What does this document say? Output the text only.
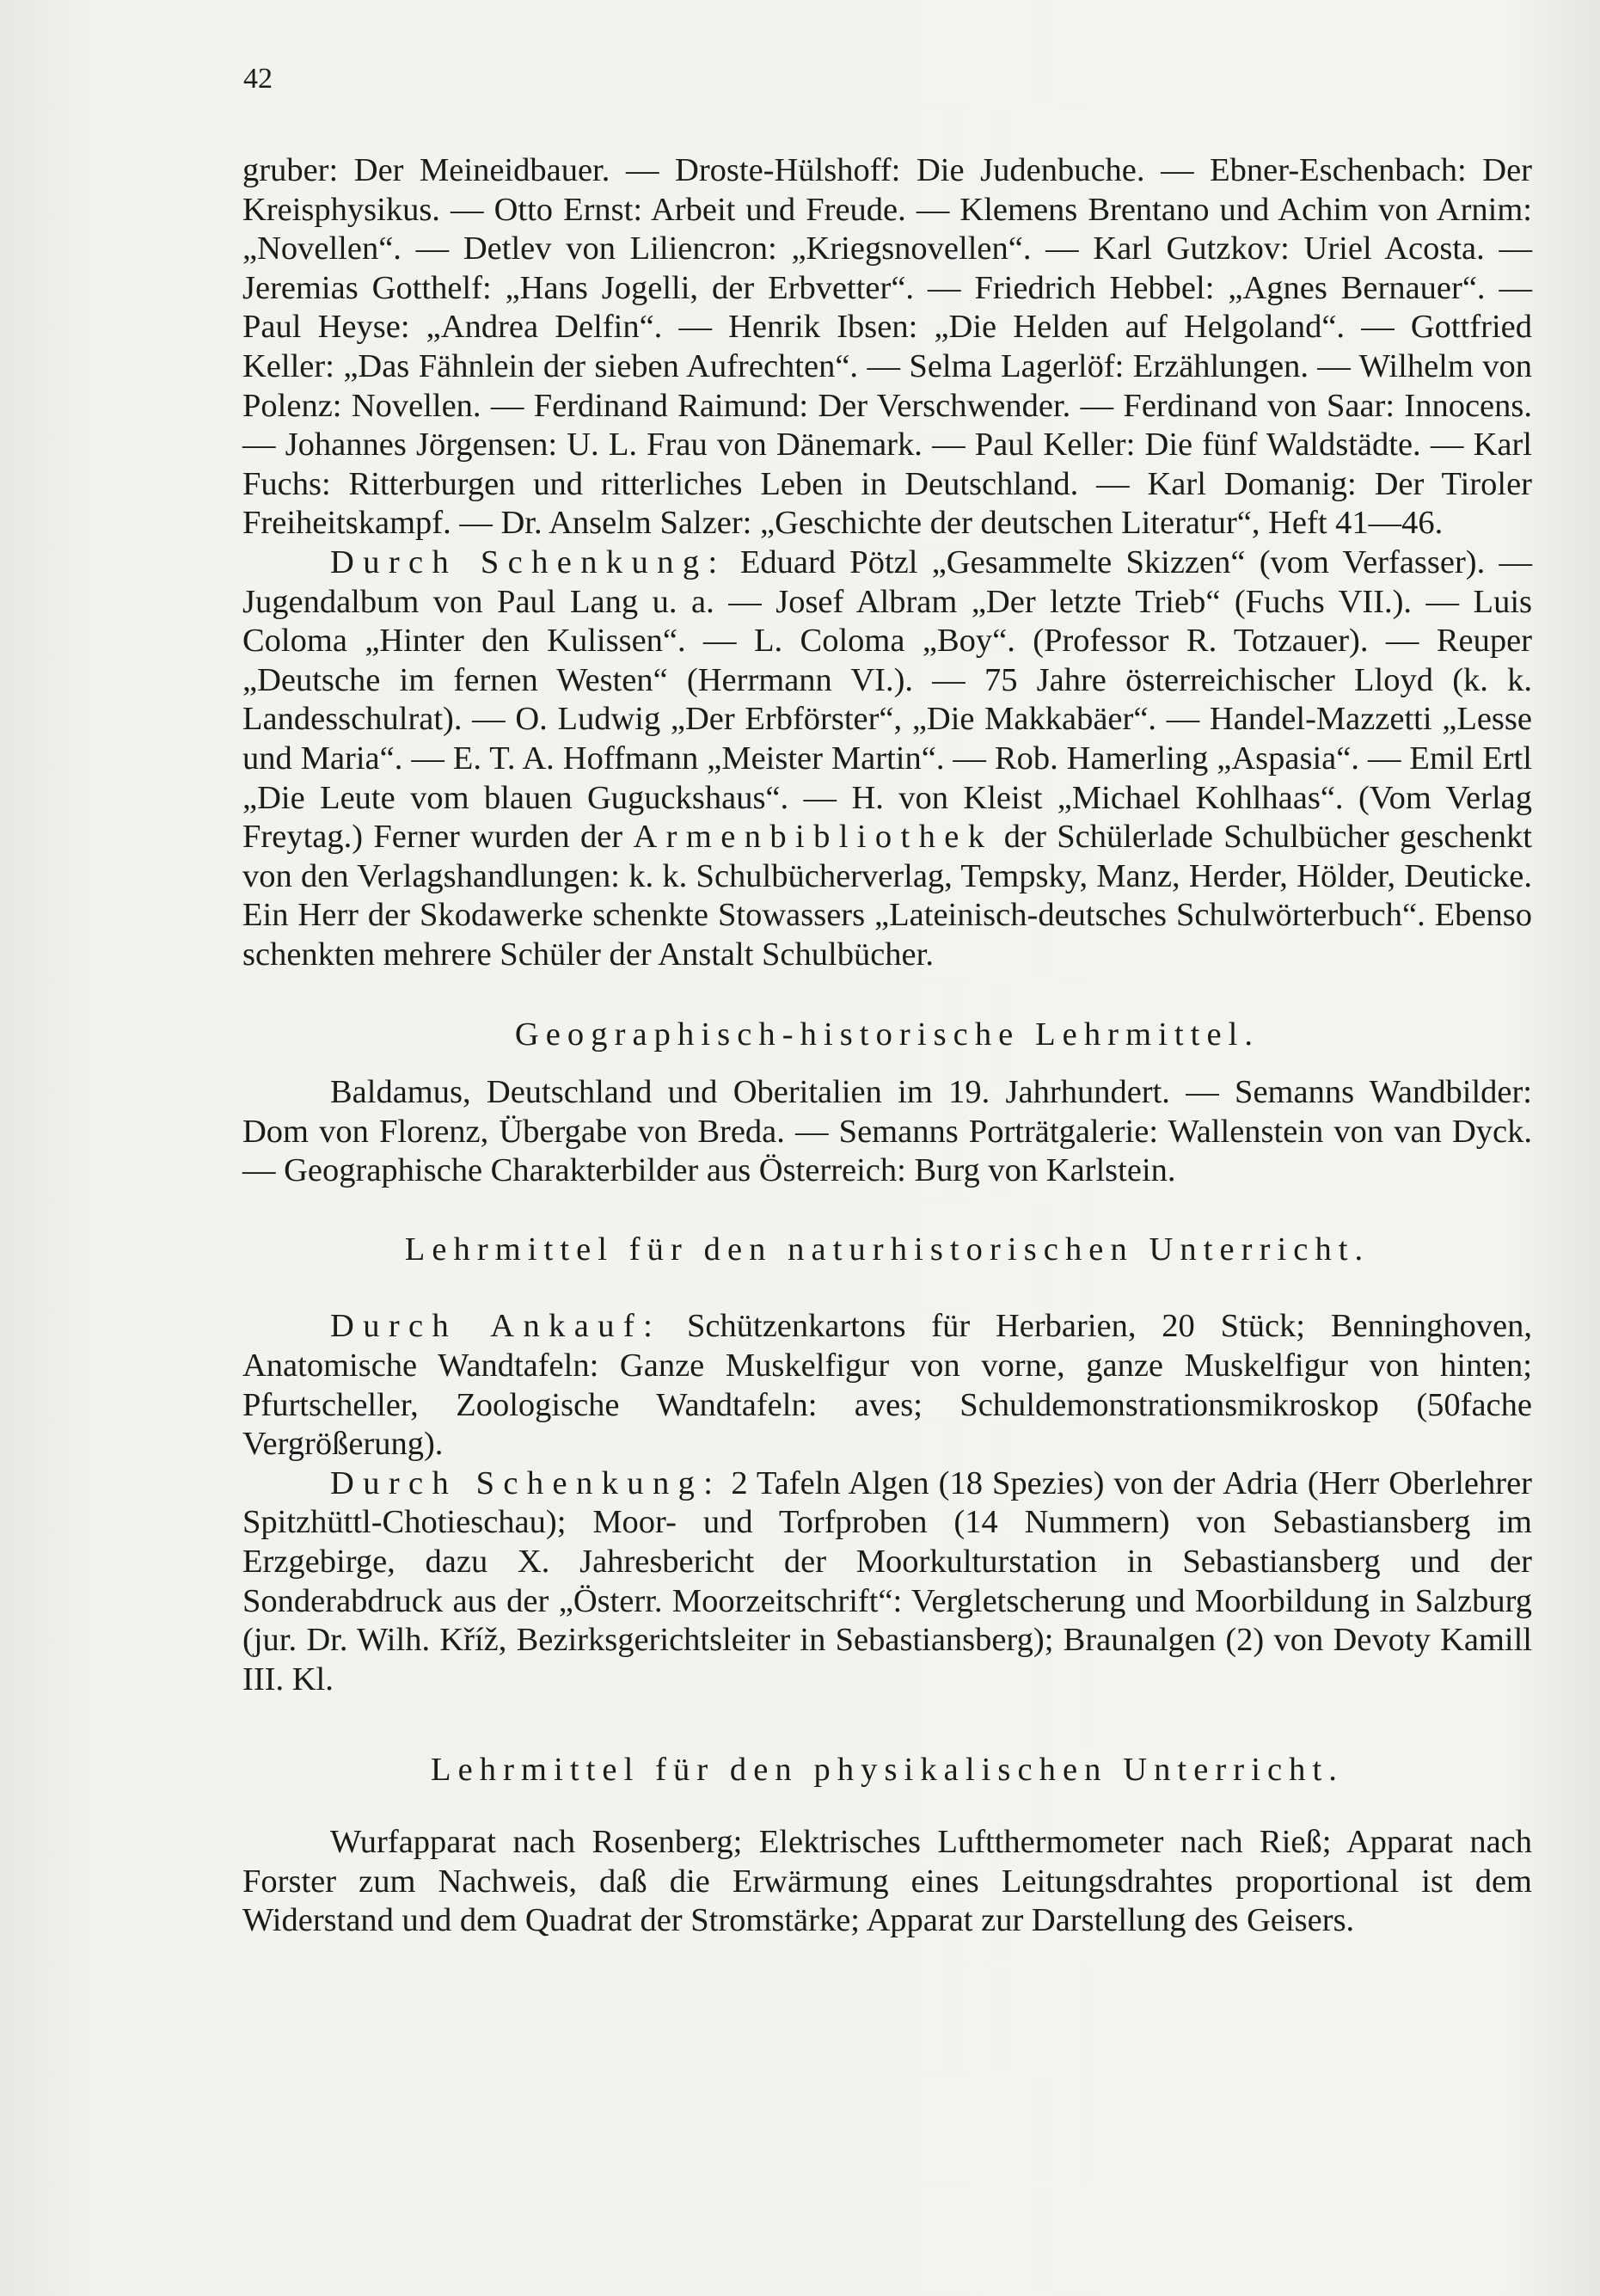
42

gruber: Der Meineidbauer. — Droste-Hülshoff: Die Judenbuche. — Ebner-Eschenbach: Der Kreisphysikus. — Otto Ernst: Arbeit und Freude. — Klemens Brentano und Achim von Arnim: „Novellen“. — Detlev von Liliencron: „Kriegsnovellen“. — Karl Gutzkov: Uriel Acosta. — Jeremias Gotthelf: „Hans Jogelli, der Erbvetter“. — Friedrich Hebbel: „Agnes Bernauer“. — Paul Heyse: „Andrea Delfin“. — Henrik Ibsen: „Die Helden auf Helgoland“. — Gottfried Keller: „Das Fähnlein der sieben Aufrechten“. — Selma Lagerlöf: Erzählungen. — Wilhelm von Polenz: Novellen. — Ferdinand Raimund: Der Verschwender. — Ferdinand von Saar: Innocens. — Johannes Jörgensen: U. L. Frau von Dänemark. — Paul Keller: Die fünf Waldstädte. — Karl Fuchs: Ritterburgen und ritterliches Leben in Deutschland. — Karl Domanig: Der Tiroler Freiheitskampf. — Dr. Anselm Salzer: „Geschichte der deutschen Literatur“, Heft 41—46.

Durch Schenkung: Eduard Pötzl „Gesammelte Skizzen“ (vom Verfasser). — Jugendalbum von Paul Lang u. a. — Josef Albram „Der letzte Trieb“ (Fuchs VII.). — Luis Coloma „Hinter den Kulissen“. — L. Coloma „Boy“. (Professor R. Totzauer). — Reuper „Deutsche im fernen Westen“ (Herrmann VI.). — 75 Jahre österreichischer Lloyd (k. k. Landesschulrat). — O. Ludwig „Der Erbförster“, „Die Makkabäer“. — Handel-Mazzetti „Lesse und Maria“. — E. T. A. Hoffmann „Meister Martin“. — Rob. Hamerling „Aspasia“. — Emil Ertl „Die Leute vom blauen Guguckshaus“. — H. von Kleist „Michael Kohlhaas“. (Vom Verlag Freytag.) Ferner wurden der Armenbibliothek der Schülerlade Schulbücher geschenkt von den Verlagshandlungen: k. k. Schulbücherverlag, Tempsky, Manz, Herder, Hölder, Deuticke. Ein Herr der Skodawerke schenkte Stowassers „Lateinisch-deutsches Schulwörterbuch“. Ebenso schenkten mehrere Schüler der Anstalt Schulbücher.

Geographisch-historische Lehrmittel.

Baldamus, Deutschland und Oberitalien im 19. Jahrhundert. — Semanns Wandbilder: Dom von Florenz, Übergabe von Breda. — Semanns Porträtgalerie: Wallenstein von van Dyck. — Geographische Charakterbilder aus Österreich: Burg von Karlstein.

Lehrmittel für den naturhistorischen Unterricht.

Durch Ankauf: Schützenkartons für Herbarien, 20 Stück; Benninghoven, Anatomische Wandtafeln: Ganze Muskelfigur von vorne, ganze Muskelfigur von hinten; Pfurtscheller, Zoologische Wandtafeln: aves; Schuldemonstrationsmikroskop (50fache Vergrößerung).

Durch Schenkung: 2 Tafeln Algen (18 Spezies) von der Adria (Herr Oberlehrer Spitzhüttl-Chotieschau); Moor- und Torfproben (14 Nummern) von Sebastiansberg im Erzgebirge, dazu X. Jahresbericht der Moorkulturstation in Sebastiansberg und der Sonderabdruck aus der „Österr. Moorzeitschrift“: Vergletscherung und Moorbildung in Salzburg (jur. Dr. Wilh. Kříž, Bezirksgerichtsleiter in Sebastiansberg); Braunalgen (2) von Devoty Kamill III. Kl.

Lehrmittel für den physikalischen Unterricht.

Wurfapparat nach Rosenberg; Elektrisches Luftthermometer nach Rieß; Apparat nach Forster zum Nachweis, daß die Erwärmung eines Leitungsdrahtes proportional ist dem Widerstand und dem Quadrat der Stromstärke; Apparat zur Darstellung des Geisers.
